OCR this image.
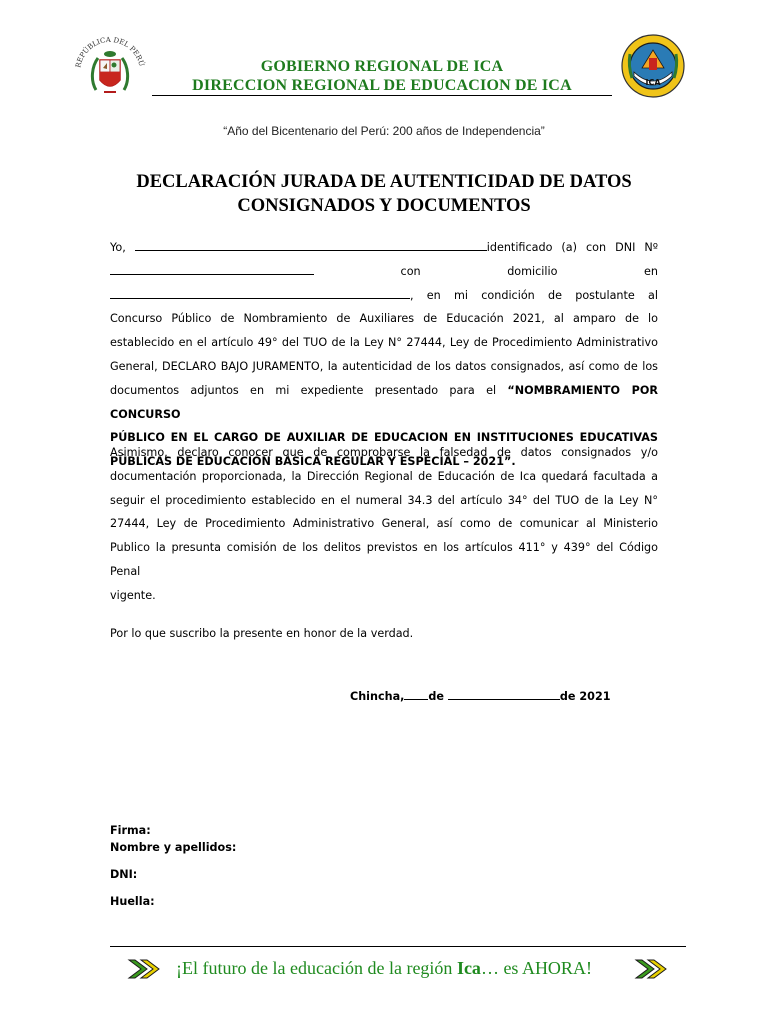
REPÚBLICA DEL PERÚ	GOBIERNO REGIONAL DE ICA
DIRECCION REGIONAL DE EDUCACION DE ICA	ICA
“Año del Bicentenario del Perú: 200 años de Independencia”
DECLARACIÓN JURADA DE AUTENTICIDAD DE DATOS
CONSIGNADOS Y DOCUMENTOS
Yo,	identificado (a) con DNI Nº
con	domicilio	en
, en mi condición de postulante al
Concurso Público de Nombramiento de Auxiliares de Educación 2021, al amparo de lo
establecido en el artículo 49° del TUO de la Ley N° 27444, Ley de Procedimiento Administrativo
General, DECLARO BAJO JURAMENTO, la autenticidad de los datos consignados, así como de los
documentos adjuntos en mi expediente presentado para el “NOMBRAMIENTO POR CONCURSO
PÚBLICO EN EL CARGO DE AUXILIAR DE EDUCACION EN INSTITUCIONES EDUCATIVAS
PÚBLICAS DE EDUCACIÓN BASICA REGULAR Y ESPECIAL – 2021”.
Asimismo, declaro conocer que de comprobarse la falsedad de datos consignados y/o
documentación proporcionada, la Dirección Regional de Educación de Ica quedará facultada a
seguir el procedimiento establecido en el numeral 34.3 del artículo 34° del TUO de la Ley N°
27444, Ley de Procedimiento Administrativo General, así como de comunicar al Ministerio
Publico la presunta comisión de los delitos previstos en los artículos 411° y 439° del Código Penal
vigente.
Por lo que suscribo la presente en honor de la verdad.
Chincha, de	de 2021
Firma:
Nombre y apellidos:
DNI:
Huella:
¡El futuro de la educación de la región Ica… es AHORA!
